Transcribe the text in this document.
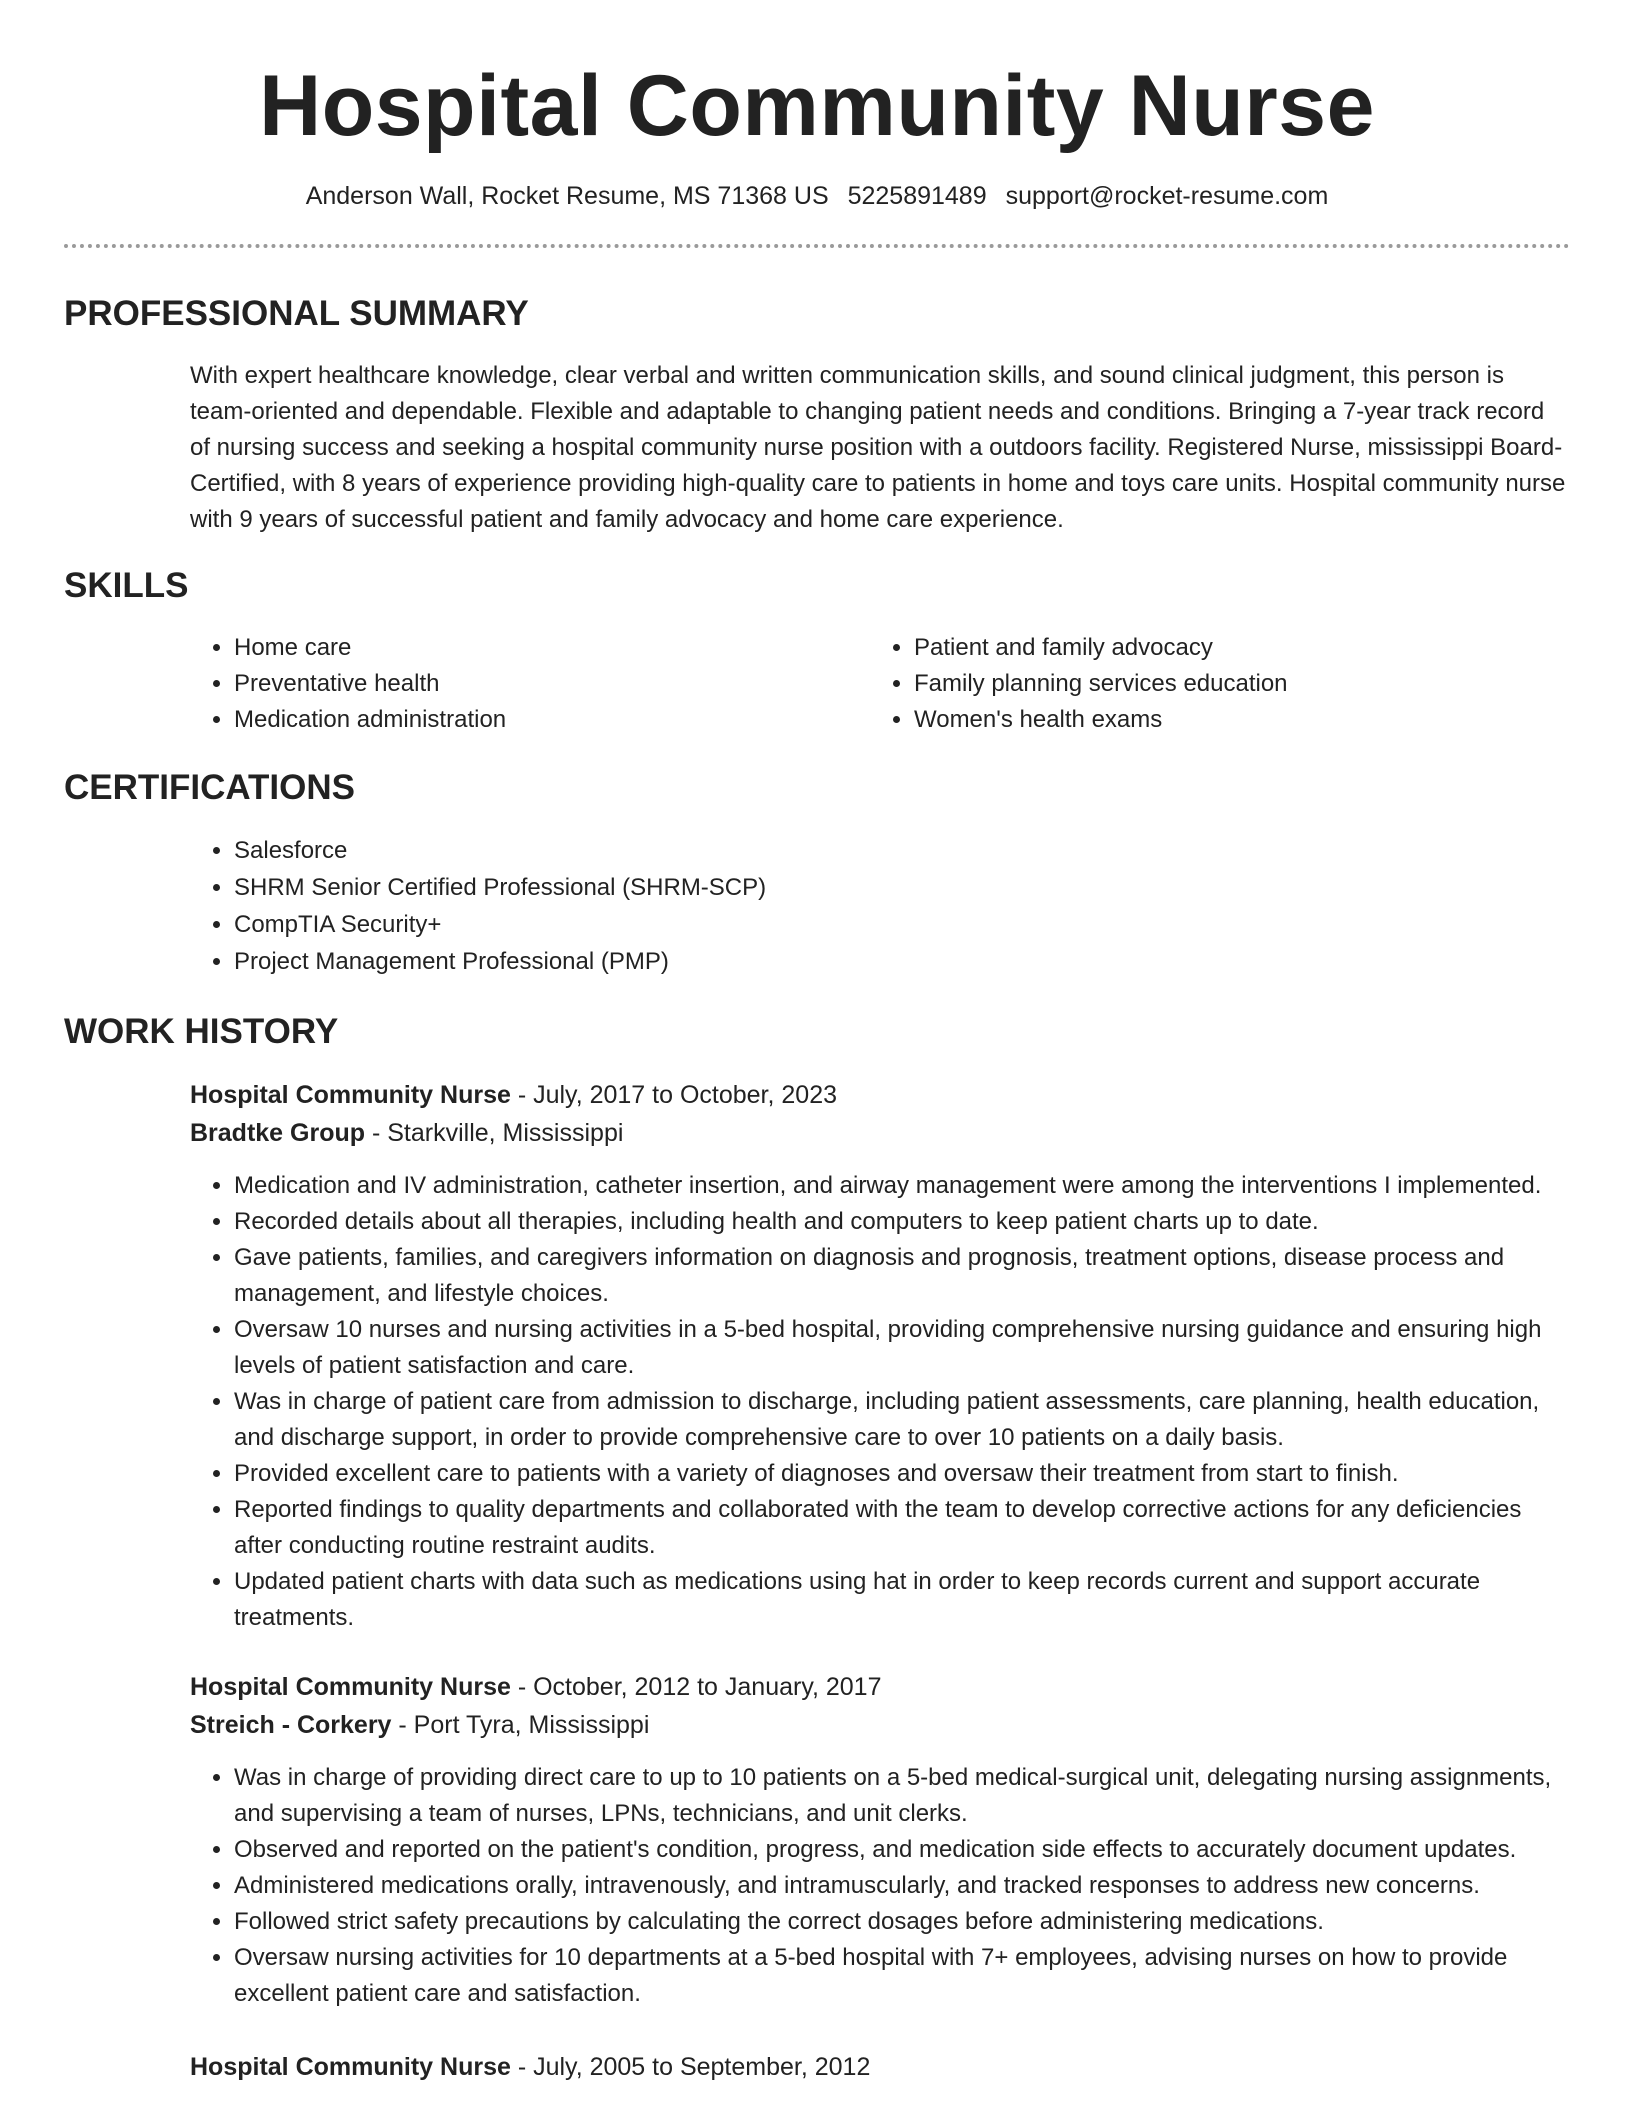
Hospital Community Nurse
Anderson Wall, Rocket Resume, MS 71368 US 5225891489 support@rocket-resume.com
PROFESSIONAL SUMMARY

With expert healthcare knowledge, clear verbal and written communication skills, and sound clinical judgment, this person is team-oriented and dependable. Flexible and adaptable to changing patient needs and conditions. Bringing a 7-year track record of nursing success and seeking a hospital community nurse position with a outdoors facility. Registered Nurse, mississippi Board-Certified, with 8 years of experience providing high-quality care to patients in home and toys care units. Hospital community nurse with 9 years of successful patient and family advocacy and home care experience.

SKILLS
• Home care
• Preventative health
• Medication administration
• Patient and family advocacy
• Family planning services education
• Women's health exams
CERTIFICATIONS
• Salesforce
• SHRM Senior Certified Professional (SHRM-SCP)
• CompTIA Security+
• Project Management Professional (PMP)
WORK HISTORY
Hospital Community Nurse - July, 2017 to October, 2023
Bradtke Group - Starkville, Mississippi
• Medication and IV administration, catheter insertion, and airway management were among the interventions I implemented.
• Recorded details about all therapies, including health and computers to keep patient charts up to date.
• Gave patients, families, and caregivers information on diagnosis and prognosis, treatment options, disease process and management, and lifestyle choices.
• Oversaw 10 nurses and nursing activities in a 5-bed hospital, providing comprehensive nursing guidance and ensuring high levels of patient satisfaction and care.
• Was in charge of patient care from admission to discharge, including patient assessments, care planning, health education, and discharge support, in order to provide comprehensive care to over 10 patients on a daily basis.
• Provided excellent care to patients with a variety of diagnoses and oversaw their treatment from start to finish.
• Reported findings to quality departments and collaborated with the team to develop corrective actions for any deficiencies after conducting routine restraint audits.
• Updated patient charts with data such as medications using hat in order to keep records current and support accurate treatments.
Hospital Community Nurse - October, 2012 to January, 2017
Streich - Corkery - Port Tyra, Mississippi
• Was in charge of providing direct care to up to 10 patients on a 5-bed medical-surgical unit, delegating nursing assignments, and supervising a team of nurses, LPNs, technicians, and unit clerks.
• Observed and reported on the patient's condition, progress, and medication side effects to accurately document updates.
• Administered medications orally, intravenously, and intramuscularly, and tracked responses to address new concerns.
• Followed strict safety precautions by calculating the correct dosages before administering medications.
• Oversaw nursing activities for 10 departments at a 5-bed hospital with 7+ employees, advising nurses on how to provide excellent patient care and satisfaction.
Hospital Community Nurse - July, 2005 to September, 2012
